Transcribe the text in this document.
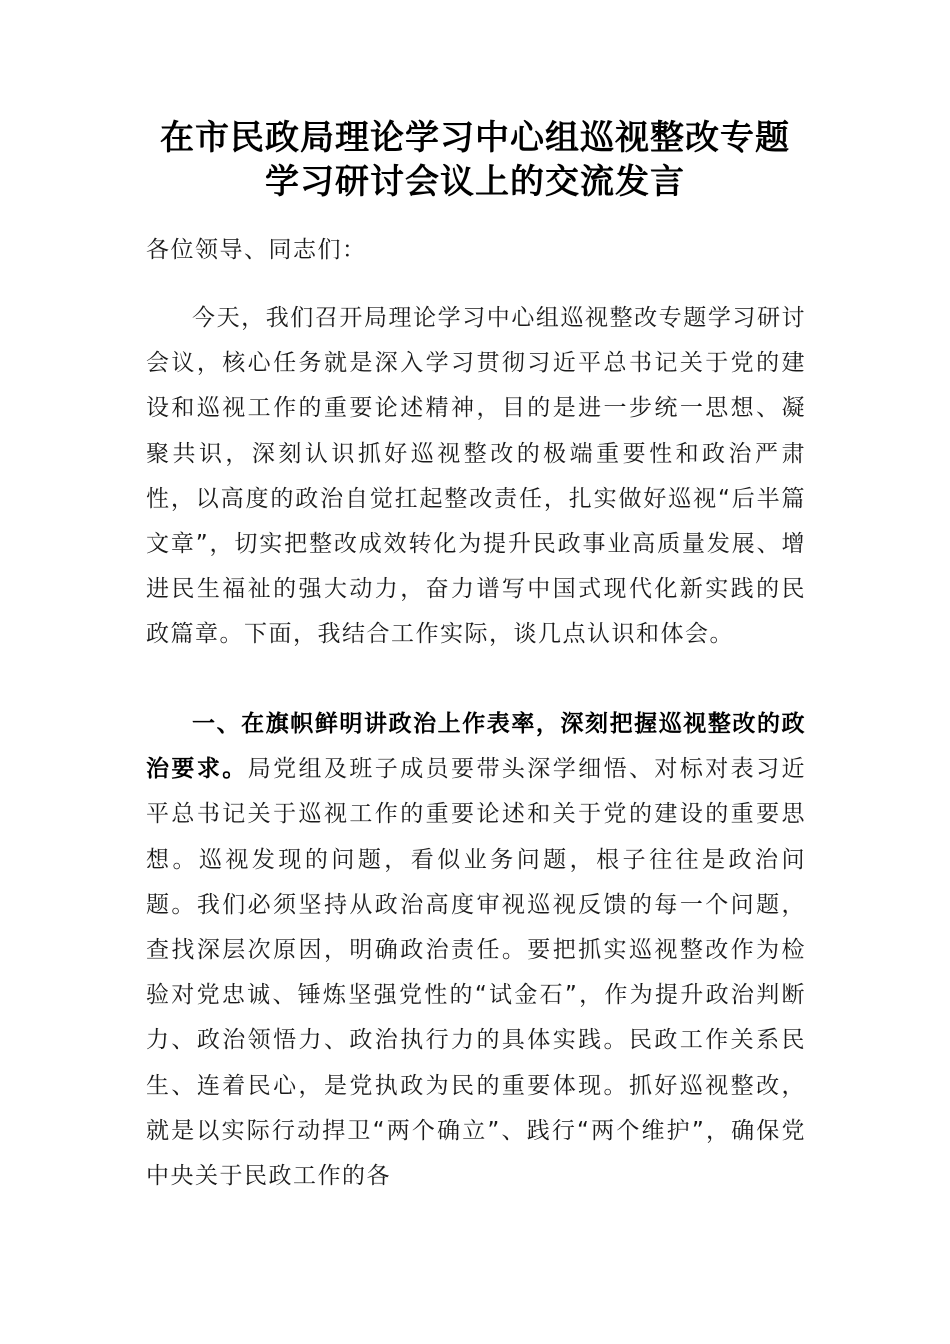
在市民政局理论学习中心组巡视整改专题
学习研讨会议上的交流发言

各位领导、同志们：

今天，我们召开局理论学习中心组巡视整改专题学习研讨会议，核心任务就是深入学习贯彻习近平总书记关于党的建设和巡视工作的重要论述精神，目的是进一步统一思想、凝聚共识，深刻认识抓好巡视整改的极端重要性和政治严肃性，以高度的政治自觉扛起整改责任，扎实做好巡视“后半篇文章”，切实把整改成效转化为提升民政事业高质量发展、增进民生福祉的强大动力，奋力谱写中国式现代化新实践的民政篇章。下面，我结合工作实际，谈几点认识和体会。

一、在旗帜鲜明讲政治上作表率，深刻把握巡视整改的政治要求。局党组及班子成员要带头深学细悟、对标对表习近平总书记关于巡视工作的重要论述和关于党的建设的重要思想。巡视发现的问题，看似业务问题，根子往往是政治问题。我们必须坚持从政治高度审视巡视反馈的每一个问题，查找深层次原因，明确政治责任。要把抓实巡视整改作为检验对党忠诚、锤炼坚强党性的“试金石”，作为提升政治判断力、政治领悟力、政治执行力的具体实践。民政工作关系民生、连着民心，是党执政为民的重要体现。抓好巡视整改，就是以实际行动捍卫“两个确立”、践行“两个维护”，确保党中央关于民政工作的各
